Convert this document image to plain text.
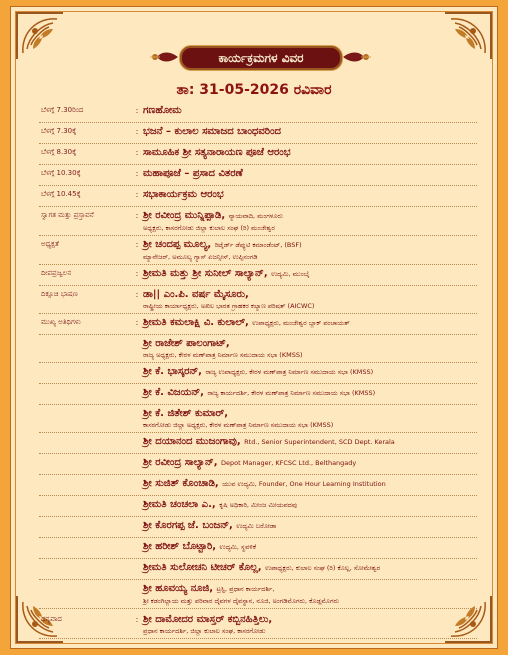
ಕಾರ್ಯಕ್ರಮಗಳ ವಿವರ
ತಾ: 31-05-2026 ರವಿವಾರ
ಬೆಳಗ್ಗೆ 7.30ರಿಂದ	: ಗಣಹೋಮ
ಬೆಳಗ್ಗೆ 7.30ಕ್ಕೆ	: ಭಜನೆ – ಕುಲಾಲ ಸಮಾಜದ ಬಾಂಧವರಿಂದ
ಬೆಳಗ್ಗೆ 8.30ಕ್ಕೆ	: ಸಾಮೂಹಿಕ ಶ್ರೀ ಸತ್ಯನಾರಾಯಣ ಪೂಜೆ ಆರಂಭ
ಬೆಳಗ್ಗೆ 10.30ಕ್ಕೆ	: ಮಹಾಪೂಜೆ – ಪ್ರಸಾದ ವಿತರಣೆ
ಬೆಳಗ್ಗೆ 10.45ಕ್ಕೆ	: ಸಭಾಕಾರ್ಯಕ್ರಮ ಆರಂಭ
ಸ್ವಾಗತ ಮತ್ತು ಪ್ರಸ್ತಾವನೆ	: ಶ್ರೀ ರವೀಂದ್ರ ಮುನ್ನಿಪ್ಪಾಡಿ, ನ್ಯಾಯವಾದಿ, ಮಂಗಳೂರು
ಅಧ್ಯಕ್ಷರು, ಕಾಸರಗೋಡು ಜಿಲ್ಲಾ ಕುಲಾಲ ಸಂಘ (ರಿ) ಮಂಜೇಶ್ವರ
ಅಧ್ಯಕ್ಷತೆ	: ಶ್ರೀ ಚಂದಪ್ಪ ಮೂಲ್ಯ, ರಿಟೈರ್ಡ್ ಡೆಪ್ಯುಟಿ ಕಮಾಂಡೆಂಟ್, (BSF)
ಮ್ಯಾನೇಜರ್, ಅಮೂಲ್ಯ ಗ್ಯಾಸ್ ಏಜನ್ಸೀಸ್, ಉಪ್ಪಿನಂಗಡಿ
ದೀಪಪ್ರಜ್ವಲನ	: ಶ್ರೀಮತಿ ಮತ್ತು ಶ್ರೀ ಸುನೀಲ್ ಸಾಲ್ಯಾನ್, ಉದ್ಯಮಿ, ಮುಂಬೈ
ದಿಕ್ಸೂಚಿ ಭಾಷಣ	: ಡಾ|| ಎಂ.ಪಿ. ವರ್ಷ ಮೈಸೂರು,
ರಾಷ್ಟ್ರೀಯ ಕಾರ್ಯಾಧ್ಯಕ್ಷರು, ಅಖಿಲ ಭಾರತ ಗ್ರಾಹಕರ ಕಲ್ಯಾಣ ಪರಿಷತ್ (AICWC)
ಮುಖ್ಯ ಅತಿಥಿಗಳು	: ಶ್ರೀಮತಿ ಕಮಲಾಕ್ಷಿ ವಿ. ಕುಲಾಲ್, ಉಪಾಧ್ಯಕ್ಷರು, ಮಂಜೇಶ್ವರ ಬ್ಲಾಕ್ ಪಂಚಾಯತ್
ಶ್ರೀ ರಾಜೇಶ್ ಪಾಲಂಗಾಟ್,
ರಾಜ್ಯ ಅಧ್ಯಕ್ಷರು, ಕೇರಳ ಮಣ್‌ಪಾತ್ರ ನಿರ್ಮಾಣ ಸಮುದಾಯ ಸಭಾ (KMSS)
ಶ್ರೀ ಕೆ. ಭಾಸ್ಕರನ್, ರಾಜ್ಯ ಉಪಾಧ್ಯಕ್ಷರು, ಕೇರಳ ಮಣ್‌ಪಾತ್ರ ನಿರ್ಮಾಣ ಸಮುದಾಯ ಸಭಾ (KMSS)
ಶ್ರೀ ಕೆ. ವಿಜಯನ್, ರಾಜ್ಯ ಕಾರ್ಯದರ್ಶಿ, ಕೇರಳ ಮಣ್‌ಪಾತ್ರ ನಿರ್ಮಾಣ ಸಮುದಾಯ ಸಭಾ (KMSS)
ಶ್ರೀ ಕೆ. ಜಿತೇಶ್ ಕುಮಾರ್,
ಕಾಸರಗೋಡು ಜಿಲ್ಲಾ ಅಧ್ಯಕ್ಷರು, ಕೇರಳ ಮಣ್‌ಪಾತ್ರ ನಿರ್ಮಾಣ ಸಮುದಾಯ ಸಭಾ (KMSS)
ಶ್ರೀ ದಯಾನಂದ ಮುಜಂಗಾವು, Rtd., Senior Superintendent, SCD Dept. Kerala
ಶ್ರೀ ರವೀಂದ್ರ ಸಾಲ್ಯಾನ್, Depot Manager, KFCSC Ltd., Belthangady
ಶ್ರೀ ಸುಜಿತ್ ಕೊಂಚಾಡಿ, ಯುವ ಉದ್ಯಮಿ, Founder, One Hour Learning Institution
ಶ್ರೀಮತಿ ಚಂಚಲಾ ಎ., ಕೃಷಿ ಅಧಿಕಾರಿ, ಮೀಂಜ ಮೀಯಪದವು
ಶ್ರೀ ಕೊರಗಪ್ಪ ಜೆ. ಬಂಜನ್, ಉದ್ಯಮಿ ಬರೋಡಾ
ಶ್ರೀ ಹರೀಶ್ ಬೊಟ್ಟಾರಿ, ಉದ್ಯಮಿ, ಸ್ಥವಳಿಕೆ
ಶ್ರೀಮತಿ ಸುಲೋಚನಿ ಟೀಚರ್ ಕೊಲ್ಲ, ಉಪಾಧ್ಯಕ್ಷರು, ಕುಲಾಲ ಸಂಘ (ರಿ) ಕೊಲ್ಲ, ಸೋಮೇಶ್ವರ
ಶ್ರೀ ಹೂವಯ್ಯ ನೂಜಿ, ಟ್ರಸ್ಟಿ, ಪ್ರಧಾನ ಕಾರ್ಯದರ್ಶಿ,
ಶ್ರೀ ಕಡಂಗಿಲ್ಲಾಯ ಮತ್ತು ಪರಿವಾರ ದೈವಗಳ ದೈವಸ್ಥಾನ, ನೂಜಿ, ಅಂಗಡಿಮೊಗರು, ಕೊಡ್ಲಮೊಗರು
ಧನ್ಯವಾದ	: ಶ್ರೀ ದಾಮೋದರ ಮಾಸ್ತರ್ ಕಬ್ಬಿನಹಿತ್ತಿಲು,
ಪ್ರಧಾನ ಕಾರ್ಯದರ್ಶಿ, ಜಿಲ್ಲಾ ಕುಲಾಲ ಸಂಘ, ಕಾಸರಗೋಡು
